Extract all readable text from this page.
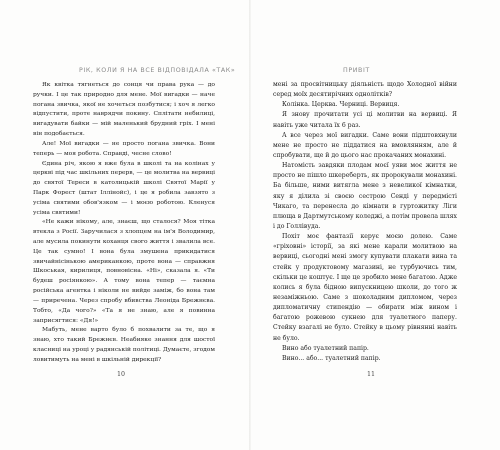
РІК, КОЛИ Я НА ВСЕ ВІДПОВІДАЛА «ТАК»

Як квітка тягнеться до сонця чи права рука — до ручки. І це так природно для мене. Мої вигадки — наче погана звичка, якої не хочеться позбутися; і хоч я легко відпустити, проте наврядчи покину. Сплітати небилиці, вигадувати байки — мій маленький брудний гріх. І мені він подобається.

Але! Мої вигадки — не просто погана звичка. Вони теперь — моя робота. Справді, чесне слово!

Єдина річ, якою я вже була в школі та на колінах у церкві під час шкільних перерв, — це молитва на вервиці до святої Тереси в католицькій школі Святої Марії у Парк Форест (штат Іллінойс), і це я робила завзято з усіма святими обов'язком — і моєю роботою. Кленуся усіма святими!

«Не кажи нікому, але, знаєш, що сталося? Моя тітка втекла з Росії. Заручилася з хлопцем на ім'я Володимир, але мусила покинути коханця свого життя і звалила все. Це так сумно! І вона була змушена прикидатися звичайнісінькою американкою, проте вона — справжня Шкоськая, кирилиця, повновісна. «Ні», сказала я. «Ти будеш росіянкою». А тому вона тепер — таємна російська агентка і ніколи не вийде заміж, бо вона там — приречена. Через спробу вбивства Леоніда Брежнєва. Тобто, «Да чого?» «Та я не знаю, але я повинна заприсягтися: «Дя!»

Мабуть, мене варто було б похвалити за те, що я знаю, хто такий Брежнєв. Неабияке знання для шостої класниці на уроці у радянській політиці. Думаєте, згодом ловитимуть на мені в шкільній дирекції?

10
ПРИВІТ

мені за просвітницьку діяльність щодо Холодної війни серед моїх десятирічних однолітків?

Колінка. Церква. Черниці. Вервиця.

Я знову прочитати усі ці молитви на вервиці. Я навіть уже читала їх 6 раз.

А все через мої вигадки. Саме вони підштовхнули мене не просто не піддатися на вмовлянням, але й спробувати, ще й до цього нас прокачаних монахині.

Натомість завдяки плодам моєї уяви моє життя не просто не пішло шкереберть, як пророкували монахині. Ба більше, ними витягла мене з невеликої кімнатки, яку я ділила зі своєю сестрою Сенді у передмісті Чикаго, та перенесла до кімнати в гуртожитку Ліги плюща в Дартмутському коледжі, а потім провела шлях і до Голлівуда.

Похіт моє фантазії керує моєю долею. Саме «гріховні» історії, за які мене карали молитвою на вервиці, сьогодні мені змогу купувати плакати вина та стейк у продуктовому магазині, не турбуючись тим, скільки це коштує. І ще це зробило мене багатою. Адже колись я була бідною випускницею школи, до того ж незаміжньою. Саме з шоколадним дипломом, через дипломатичну стипендію — обирати між вином і багатою рожевою сукнею для туалетного паперу. Стейку взагалі не було. Стейку в цьому рівнянні навіть не було.

Вино або туалетний папір.

Вино... або... туалетний папір.

11
